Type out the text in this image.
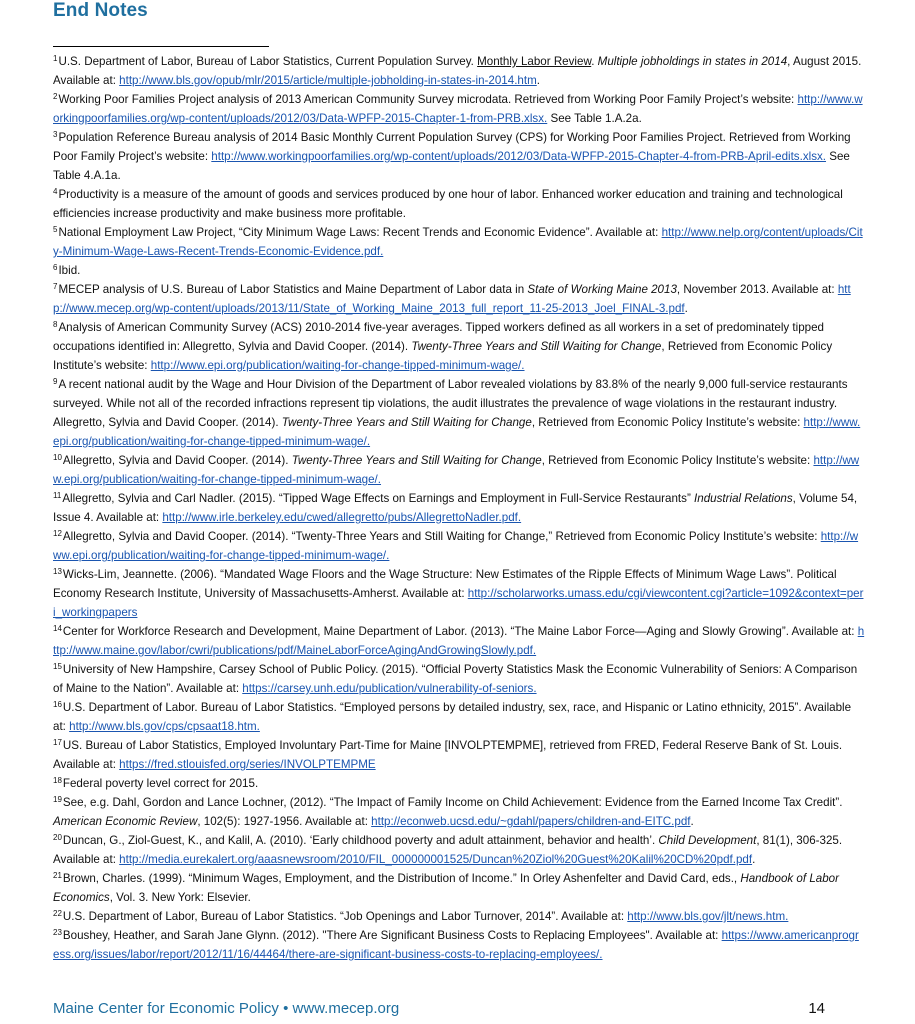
End Notes

$^1$U.S. Department of Labor, Bureau of Labor Statistics, Current Population Survey. Monthly Labor Review. Multiple jobholdings in states in 2014, August 2015. Available at: http://www.bls.gov/opub/mlr/2015/article/multiple-jobholding-in-states-in-2014.htm.

$^2$Working Poor Families Project analysis of 2013 American Community Survey microdata. Retrieved from Working Poor Family Project’s website: http://www.workingpoorfamilies.org/wp-content/uploads/2012/03/Data-WPFP-2015-Chapter-1-from-PRB.xlsx. See Table 1.A.2a.

$^3$Population Reference Bureau analysis of 2014 Basic Monthly Current Population Survey (CPS) for Working Poor Families Project. Retrieved from Working Poor Family Project’s website: http://www.workingpoorfamilies.org/wp-content/uploads/2012/03/Data-WPFP-2015-Chapter-4-from-PRB-April-edits.xlsx. See Table 4.A.1a.

$^4$Productivity is a measure of the amount of goods and services produced by one hour of labor. Enhanced worker education and training and technological efficiencies increase productivity and make business more profitable.

$^5$National Employment Law Project, “City Minimum Wage Laws: Recent Trends and Economic Evidence”. Available at: http://www.nelp.org/content/uploads/City-Minimum-Wage-Laws-Recent-Trends-Economic-Evidence.pdf.

$^6$Ibid.

$^7$MECEP analysis of U.S. Bureau of Labor Statistics and Maine Department of Labor data in State of Working Maine 2013, November 2013. Available at: http://www.mecep.org/wp-content/uploads/2013/11/State_of_Working_Maine_2013_full_report_11-25-2013_Joel_FINAL-3.pdf.

$^8$Analysis of American Community Survey (ACS) 2010-2014 five-year averages. Tipped workers defined as all workers in a set of predominately tipped occupations identified in: Allegretto, Sylvia and David Cooper. (2014). Twenty-Three Years and Still Waiting for Change, Retrieved from Economic Policy Institute’s website: http://www.epi.org/publication/waiting-for-change-tipped-minimum-wage/.

$^9$A recent national audit by the Wage and Hour Division of the Department of Labor revealed violations by 83.8% of the nearly 9,000 full-service restaurants surveyed. While not all of the recorded infractions represent tip violations, the audit illustrates the prevalence of wage violations in the restaurant industry. Allegretto, Sylvia and David Cooper. (2014). Twenty-Three Years and Still Waiting for Change, Retrieved from Economic Policy Institute’s website: http://www.epi.org/publication/waiting-for-change-tipped-minimum-wage/.

$^{10}$Allegretto, Sylvia and David Cooper. (2014). Twenty-Three Years and Still Waiting for Change, Retrieved from Economic Policy Institute’s website: http://www.epi.org/publication/waiting-for-change-tipped-minimum-wage/.

$^{11}$Allegretto, Sylvia and Carl Nadler. (2015). “Tipped Wage Effects on Earnings and Employment in Full-Service Restaurants” Industrial Relations, Volume 54, Issue 4. Available at: http://www.irle.berkeley.edu/cwed/allegretto/pubs/AllegrettoNadler.pdf.

$^{12}$Allegretto, Sylvia and David Cooper. (2014). “Twenty-Three Years and Still Waiting for Change,” Retrieved from Economic Policy Institute’s website: http://www.epi.org/publication/waiting-for-change-tipped-minimum-wage/.

$^{13}$Wicks-Lim, Jeannette. (2006). “Mandated Wage Floors and the Wage Structure: New Estimates of the Ripple Effects of Minimum Wage Laws”. Political Economy Research Institute, University of Massachusetts-Amherst. Available at: http://scholarworks.umass.edu/cgi/viewcontent.cgi?article=1092&context=peri_workingpapers

$^{14}$Center for Workforce Research and Development, Maine Department of Labor. (2013). “The Maine Labor Force—Aging and Slowly Growing”. Available at: http://www.maine.gov/labor/cwri/publications/pdf/MaineLaborForceAgingAndGrowingSlowly.pdf.

$^{15}$University of New Hampshire, Carsey School of Public Policy. (2015). “Official Poverty Statistics Mask the Economic Vulnerability of Seniors: A Comparison of Maine to the Nation”. Available at: https://carsey.unh.edu/publication/vulnerability-of-seniors.

$^{16}$U.S. Department of Labor. Bureau of Labor Statistics. “Employed persons by detailed industry, sex, race, and Hispanic or Latino ethnicity, 2015”. Available at: http://www.bls.gov/cps/cpsaat18.htm.

$^{17}$US. Bureau of Labor Statistics, Employed Involuntary Part-Time for Maine [INVOLPTEMPME], retrieved from FRED, Federal Reserve Bank of St. Louis. Available at: https://fred.stlouisfed.org/series/INVOLPTEMPME

$^{18}$Federal poverty level correct for 2015.

$^{19}$See, e.g. Dahl, Gordon and Lance Lochner, (2012). “The Impact of Family Income on Child Achievement: Evidence from the Earned Income Tax Credit”. American Economic Review, 102(5): 1927-1956. Available at: http://econweb.ucsd.edu/~gdahl/papers/children-and-EITC.pdf.

$^{20}$Duncan, G., Ziol-Guest, K., and Kalil, A. (2010). ‘Early childhood poverty and adult attainment, behavior and health’. Child Development, 81(1), 306-325. Available at: http://media.eurekalert.org/aaasnewsroom/2010/FIL_000000001525/Duncan%20Ziol%20Guest%20Kalil%20CD%20pdf.pdf.

$^{21}$Brown, Charles. (1999). “Minimum Wages, Employment, and the Distribution of Income.” In Orley Ashenfelter and David Card, eds., Handbook of Labor Economics, Vol. 3. New York: Elsevier.

$^{22}$U.S. Department of Labor, Bureau of Labor Statistics. “Job Openings and Labor Turnover, 2014”. Available at: http://www.bls.gov/jlt/news.htm.

$^{23}$Boushey, Heather, and Sarah Jane Glynn. (2012). "There Are Significant Business Costs to Replacing Employees". Available at: https://www.americanprogress.org/issues/labor/report/2012/11/16/44464/there-are-significant-business-costs-to-replacing-employees/.

Maine Center for Economic Policy • www.mecep.org	14
